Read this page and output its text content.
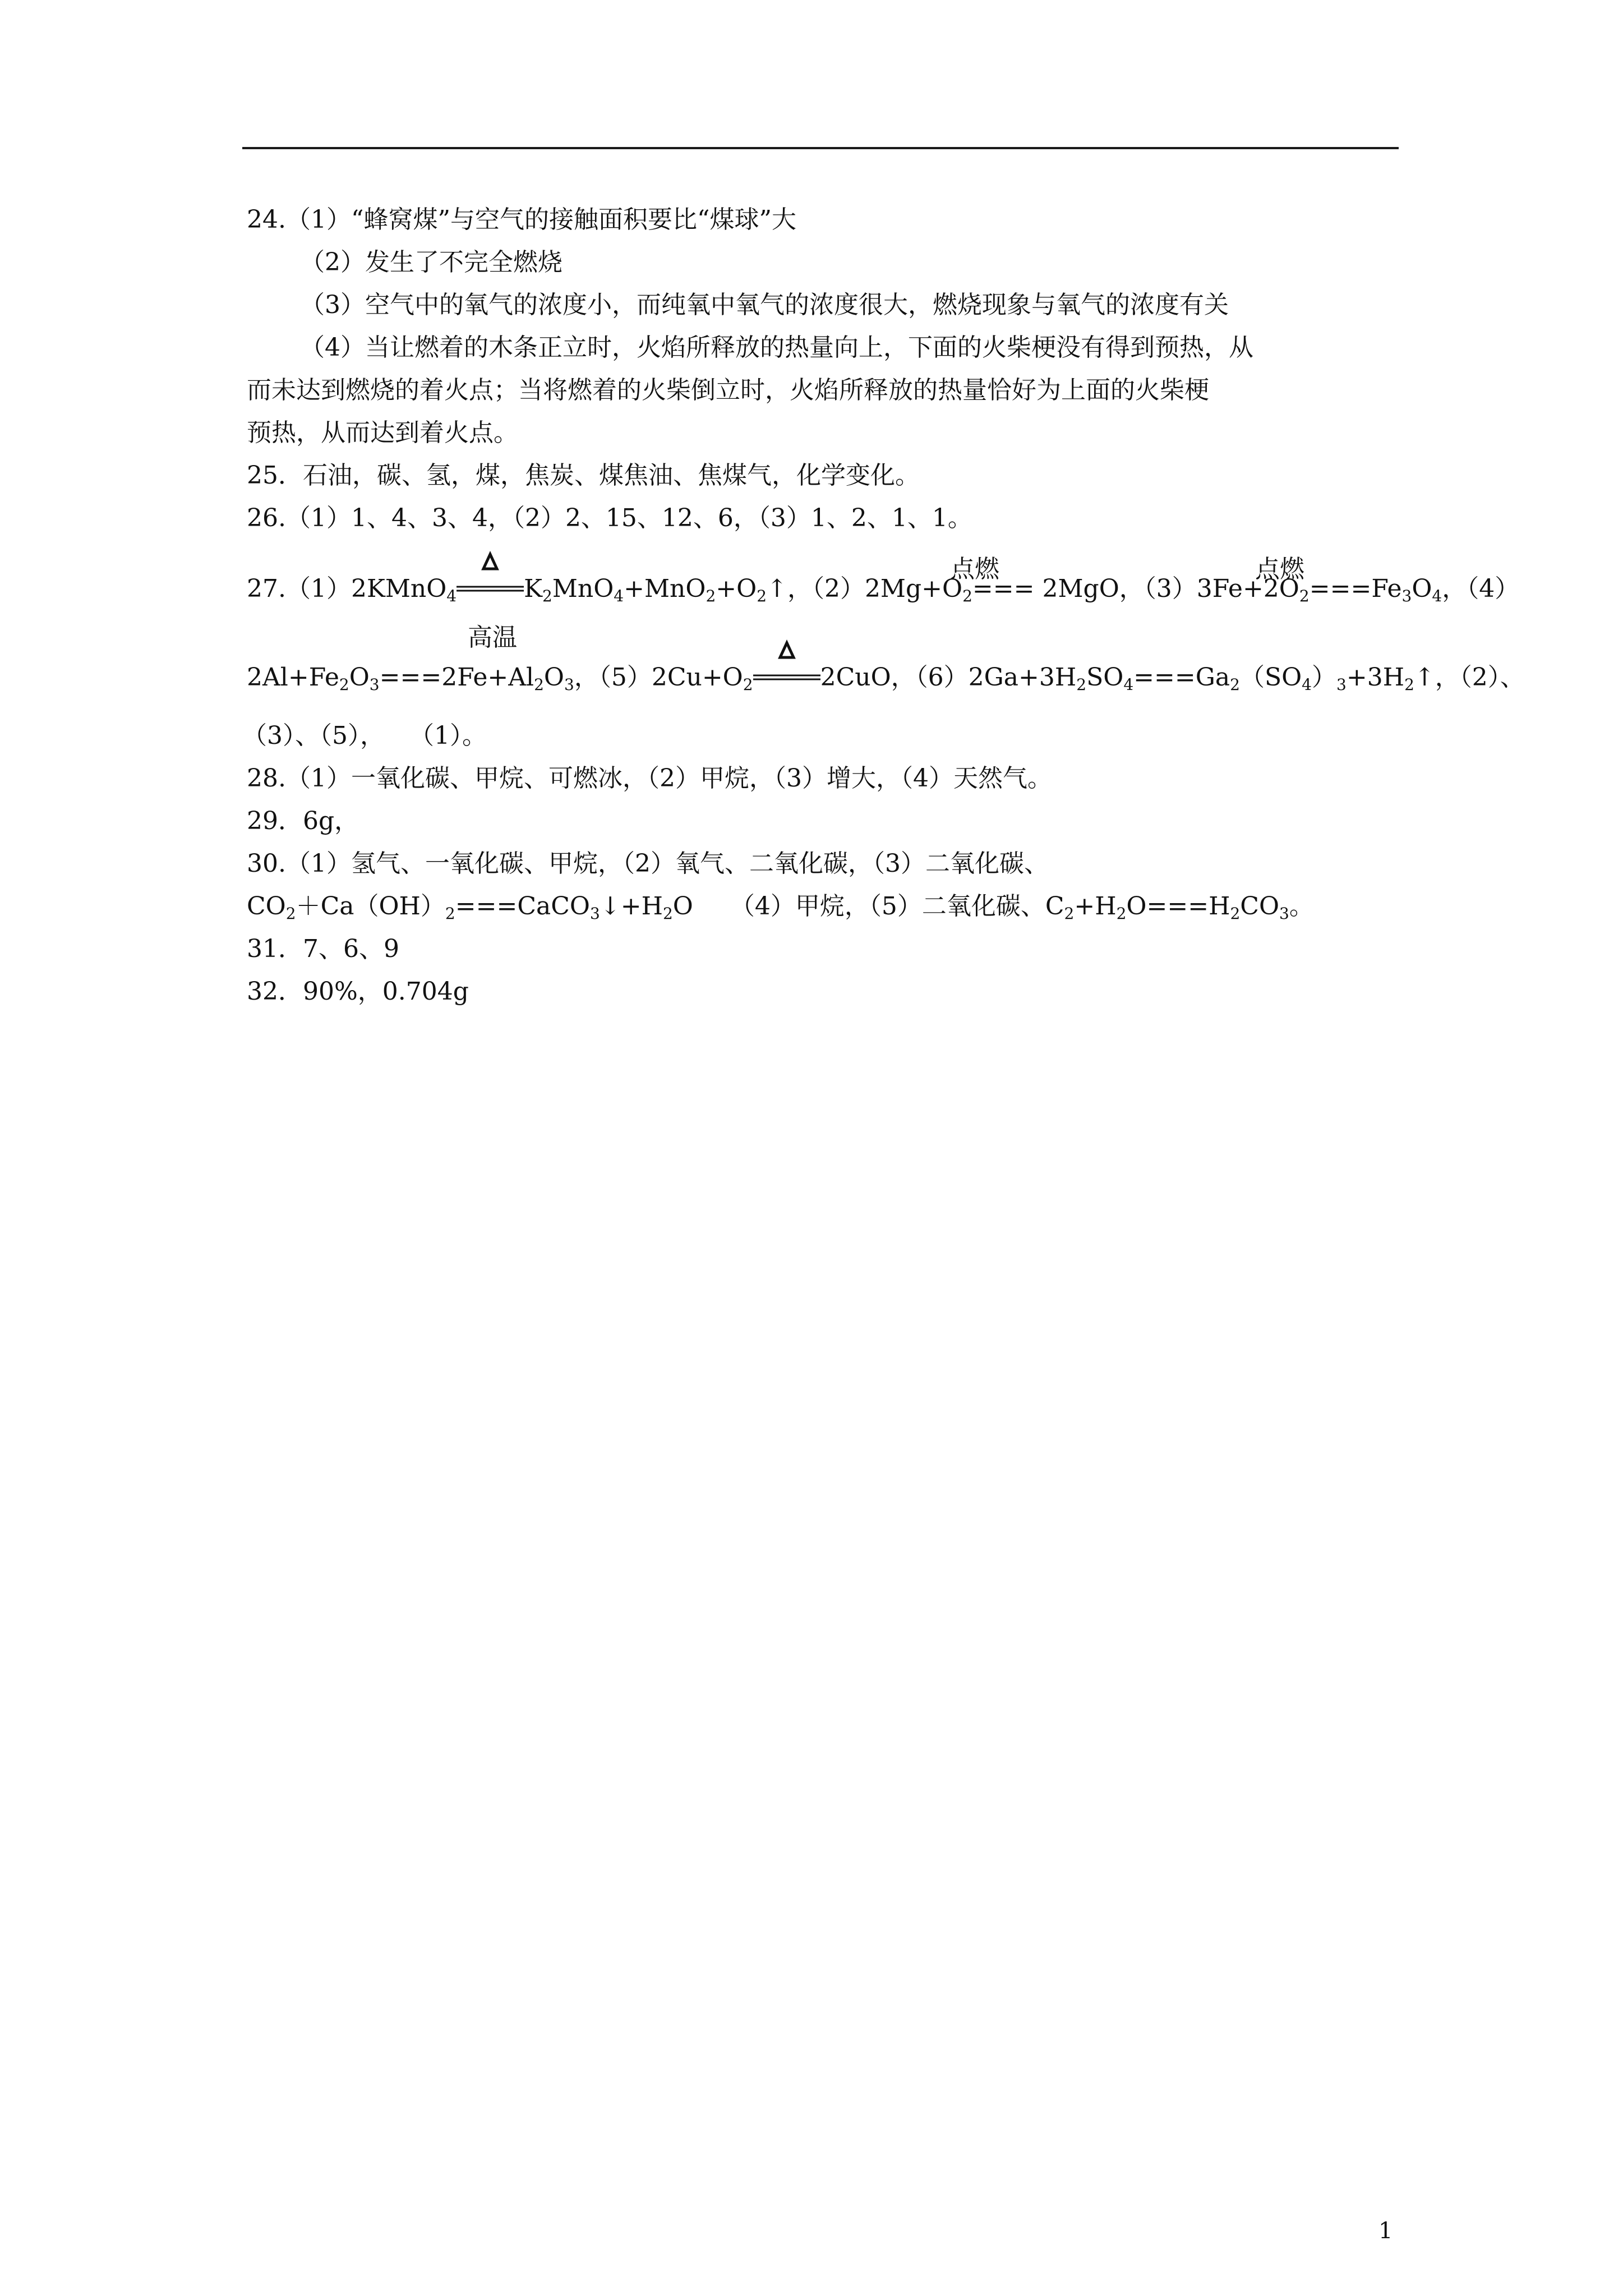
24.（1）“蜂窝煤”与空气的接触面积要比“煤球”大
（2）发生了不完全燃烧
（3）空气中的氧气的浓度小，而纯氧中氧气的浓度很大，燃烧现象与氧气的浓度有关
（4）当让燃着的木条正立时，火焰所释放的热量向上，下面的火柴梗没有得到预热，从
而未达到燃烧的着火点；当将燃着的火柴倒立时，火焰所释放的热量恰好为上面的火柴梗
预热，从而达到着火点。
25．石油，碳、氢，煤，焦炭、煤焦油、焦煤气，化学变化。
26.（1）1、4、3、4，（2）2、15、12、6，（3）1、2、1、1。
点燃	点燃
27.（1）2KMnO$_4$	$K_2MnO_4+MnO_2+O_2↑$，$(2)2Mg+O_2=== 2MgO$，$(3)3Fe+2O_2===Fe_3O_4$，（4）
高温
$2Al+Fe_2O_3===2Fe+Al_2O_3$，$(5)2Cu+O_2$	2CuO，$(6)2Ga+3H_2SO_4===Ga_2(SO_4)_3+3H_2↑$，（2）、
（3）、（5），　　（1）。
28.（1）一氧化碳、甲烷、可燃冰，（2）甲烷，（3）增大，（4）天然气。
29．6g，
30.（1）氢气、一氧化碳、甲烷，（2）氧气、二氧化碳，（3）二氧化碳、
$CO_2+Ca(OH)_2===CaCO_3↓+H_2O$　　（4）甲烷，（5）二氧化碳、$C_2+H_2O===H_2CO_3$。
31．7、6、9
32．90%，0.704g
1
